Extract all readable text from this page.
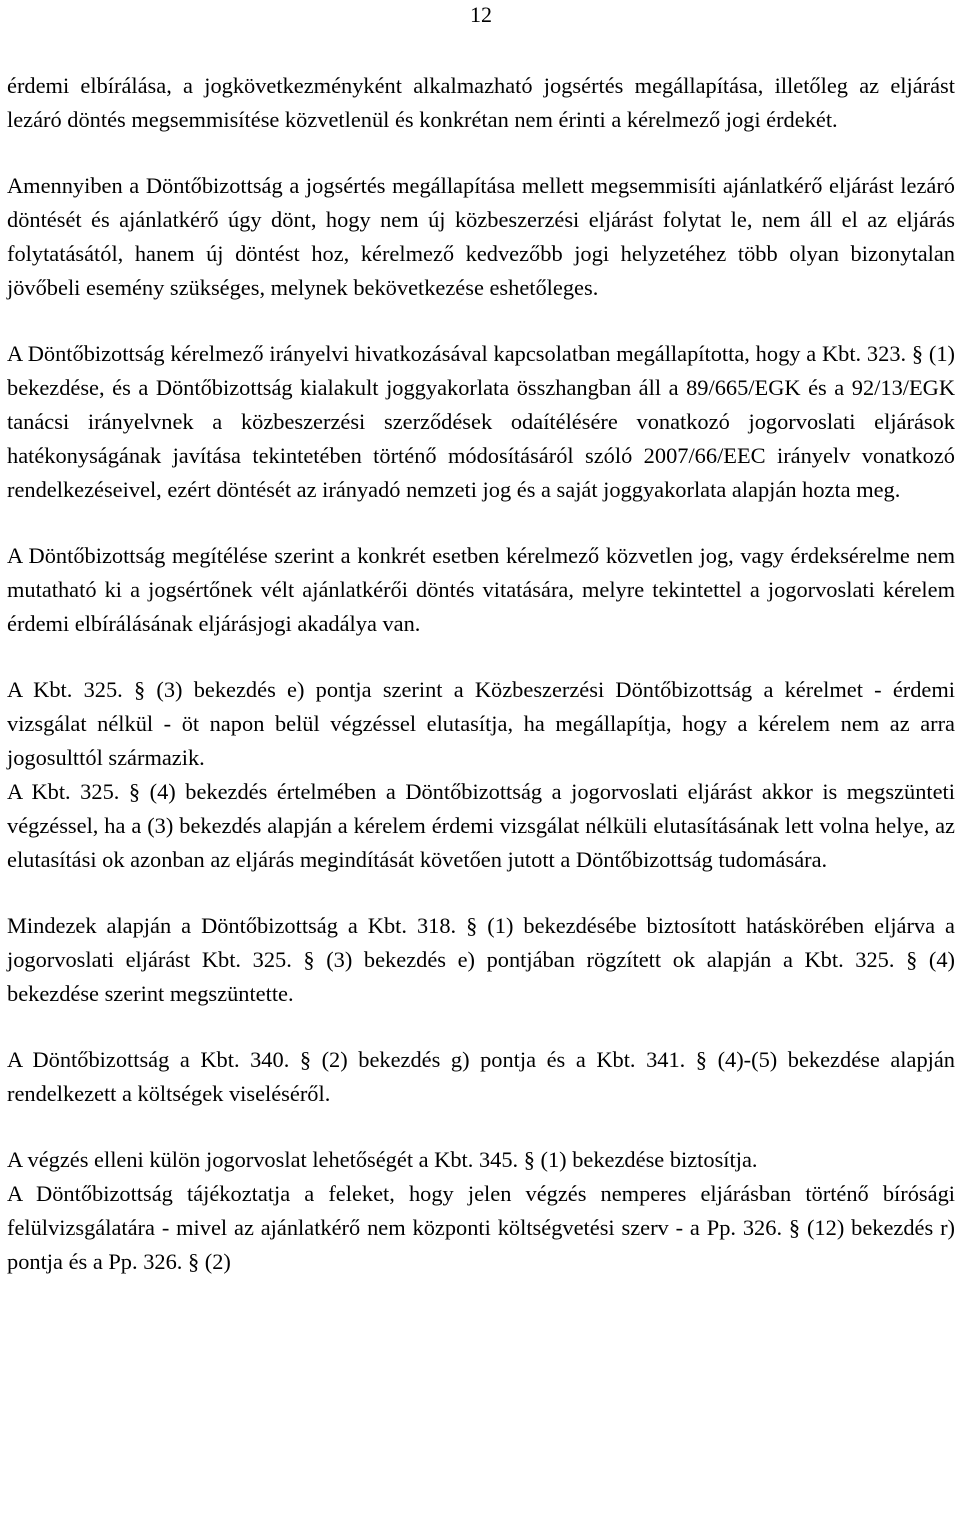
12

érdemi elbírálása, a jogkövetkezményként alkalmazható jogsértés megállapítása, illetőleg az eljárást lezáró döntés megsemmisítése közvetlenül és konkrétan nem érinti a kérelmező jogi érdekét.

Amennyiben a Döntőbizottság a jogsértés megállapítása mellett megsemmisíti ajánlatkérő eljárást lezáró döntését és ajánlatkérő úgy dönt, hogy nem új közbeszerzési eljárást folytat le, nem áll el az eljárás folytatásától, hanem új döntést hoz, kérelmező kedvezőbb jogi helyzetéhez több olyan bizonytalan jövőbeli esemény szükséges, melynek bekövetkezése eshetőleges.

A Döntőbizottság kérelmező irányelvi hivatkozásával kapcsolatban megállapította, hogy a Kbt. 323. § (1) bekezdése, és a Döntőbizottság kialakult joggyakorlata összhangban áll a 89/665/EGK és a 92/13/EGK tanácsi irányelvnek a közbeszerzési szerződések odaítélésére vonatkozó jogorvoslati eljárások hatékonyságának javítása tekintetében történő módosításáról szóló 2007/66/EEC irányelv vonatkozó rendelkezéseivel, ezért döntését az irányadó nemzeti jog és a saját joggyakorlata alapján hozta meg.

A Döntőbizottság megítélése szerint a konkrét esetben kérelmező közvetlen jog, vagy érdeksérelme nem mutatható ki a jogsértőnek vélt ajánlatkérői döntés vitatására, melyre tekintettel a jogorvoslati kérelem érdemi elbírálásának eljárásjogi akadálya van.

A Kbt. 325. § (3) bekezdés e) pontja szerint a Közbeszerzési Döntőbizottság a kérelmet - érdemi vizsgálat nélkül - öt napon belül végzéssel elutasítja, ha megállapítja, hogy a kérelem nem az arra jogosulttól származik.

A Kbt. 325. § (4) bekezdés értelmében a Döntőbizottság a jogorvoslati eljárást akkor is megszünteti végzéssel, ha a (3) bekezdés alapján a kérelem érdemi vizsgálat nélküli elutasításának lett volna helye, az elutasítási ok azonban az eljárás megindítását követően jutott a Döntőbizottság tudomására.

Mindezek alapján a Döntőbizottság a Kbt. 318. § (1) bekezdésébe biztosított hatáskörében eljárva a jogorvoslati eljárást Kbt. 325. § (3) bekezdés e) pontjában rögzített ok alapján a Kbt. 325. § (4) bekezdése szerint megszüntette.

A Döntőbizottság a Kbt. 340. § (2) bekezdés g) pontja és a Kbt. 341. § (4)-(5) bekezdése alapján rendelkezett a költségek viseléséről.

A végzés elleni külön jogorvoslat lehetőségét a Kbt. 345. § (1) bekezdése biztosítja.

A Döntőbizottság tájékoztatja a feleket, hogy jelen végzés nemperes eljárásban történő bírósági felülvizsgálatára - mivel az ajánlatkérő nem központi költségvetési szerv - a Pp. 326. § (12) bekezdés r) pontja és a Pp. 326. § (2)
